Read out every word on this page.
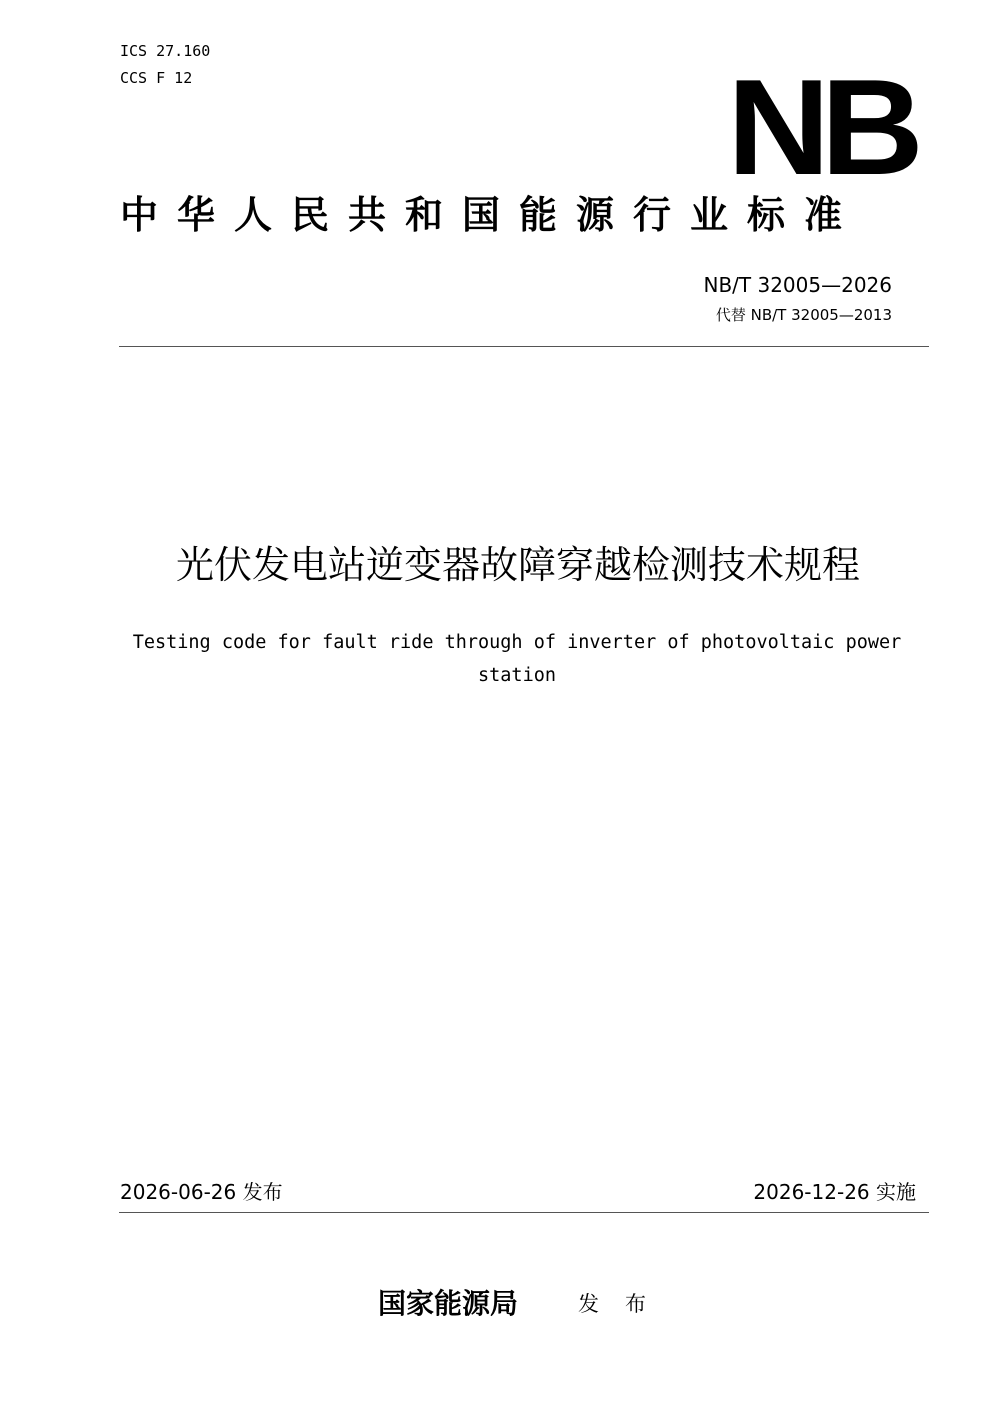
ICS 27.160
CCS F 12	NB
中华人民共和国能源行业标准
NB/T 32005—2026
代替 NB/T 32005—2013
光伏发电站逆变器故障穿越检测技术规程
Testing code for fault ride through of inverter of photovoltaic power station
2026-06-26 发布	2026-12-26 实施
国家能源局	发布
